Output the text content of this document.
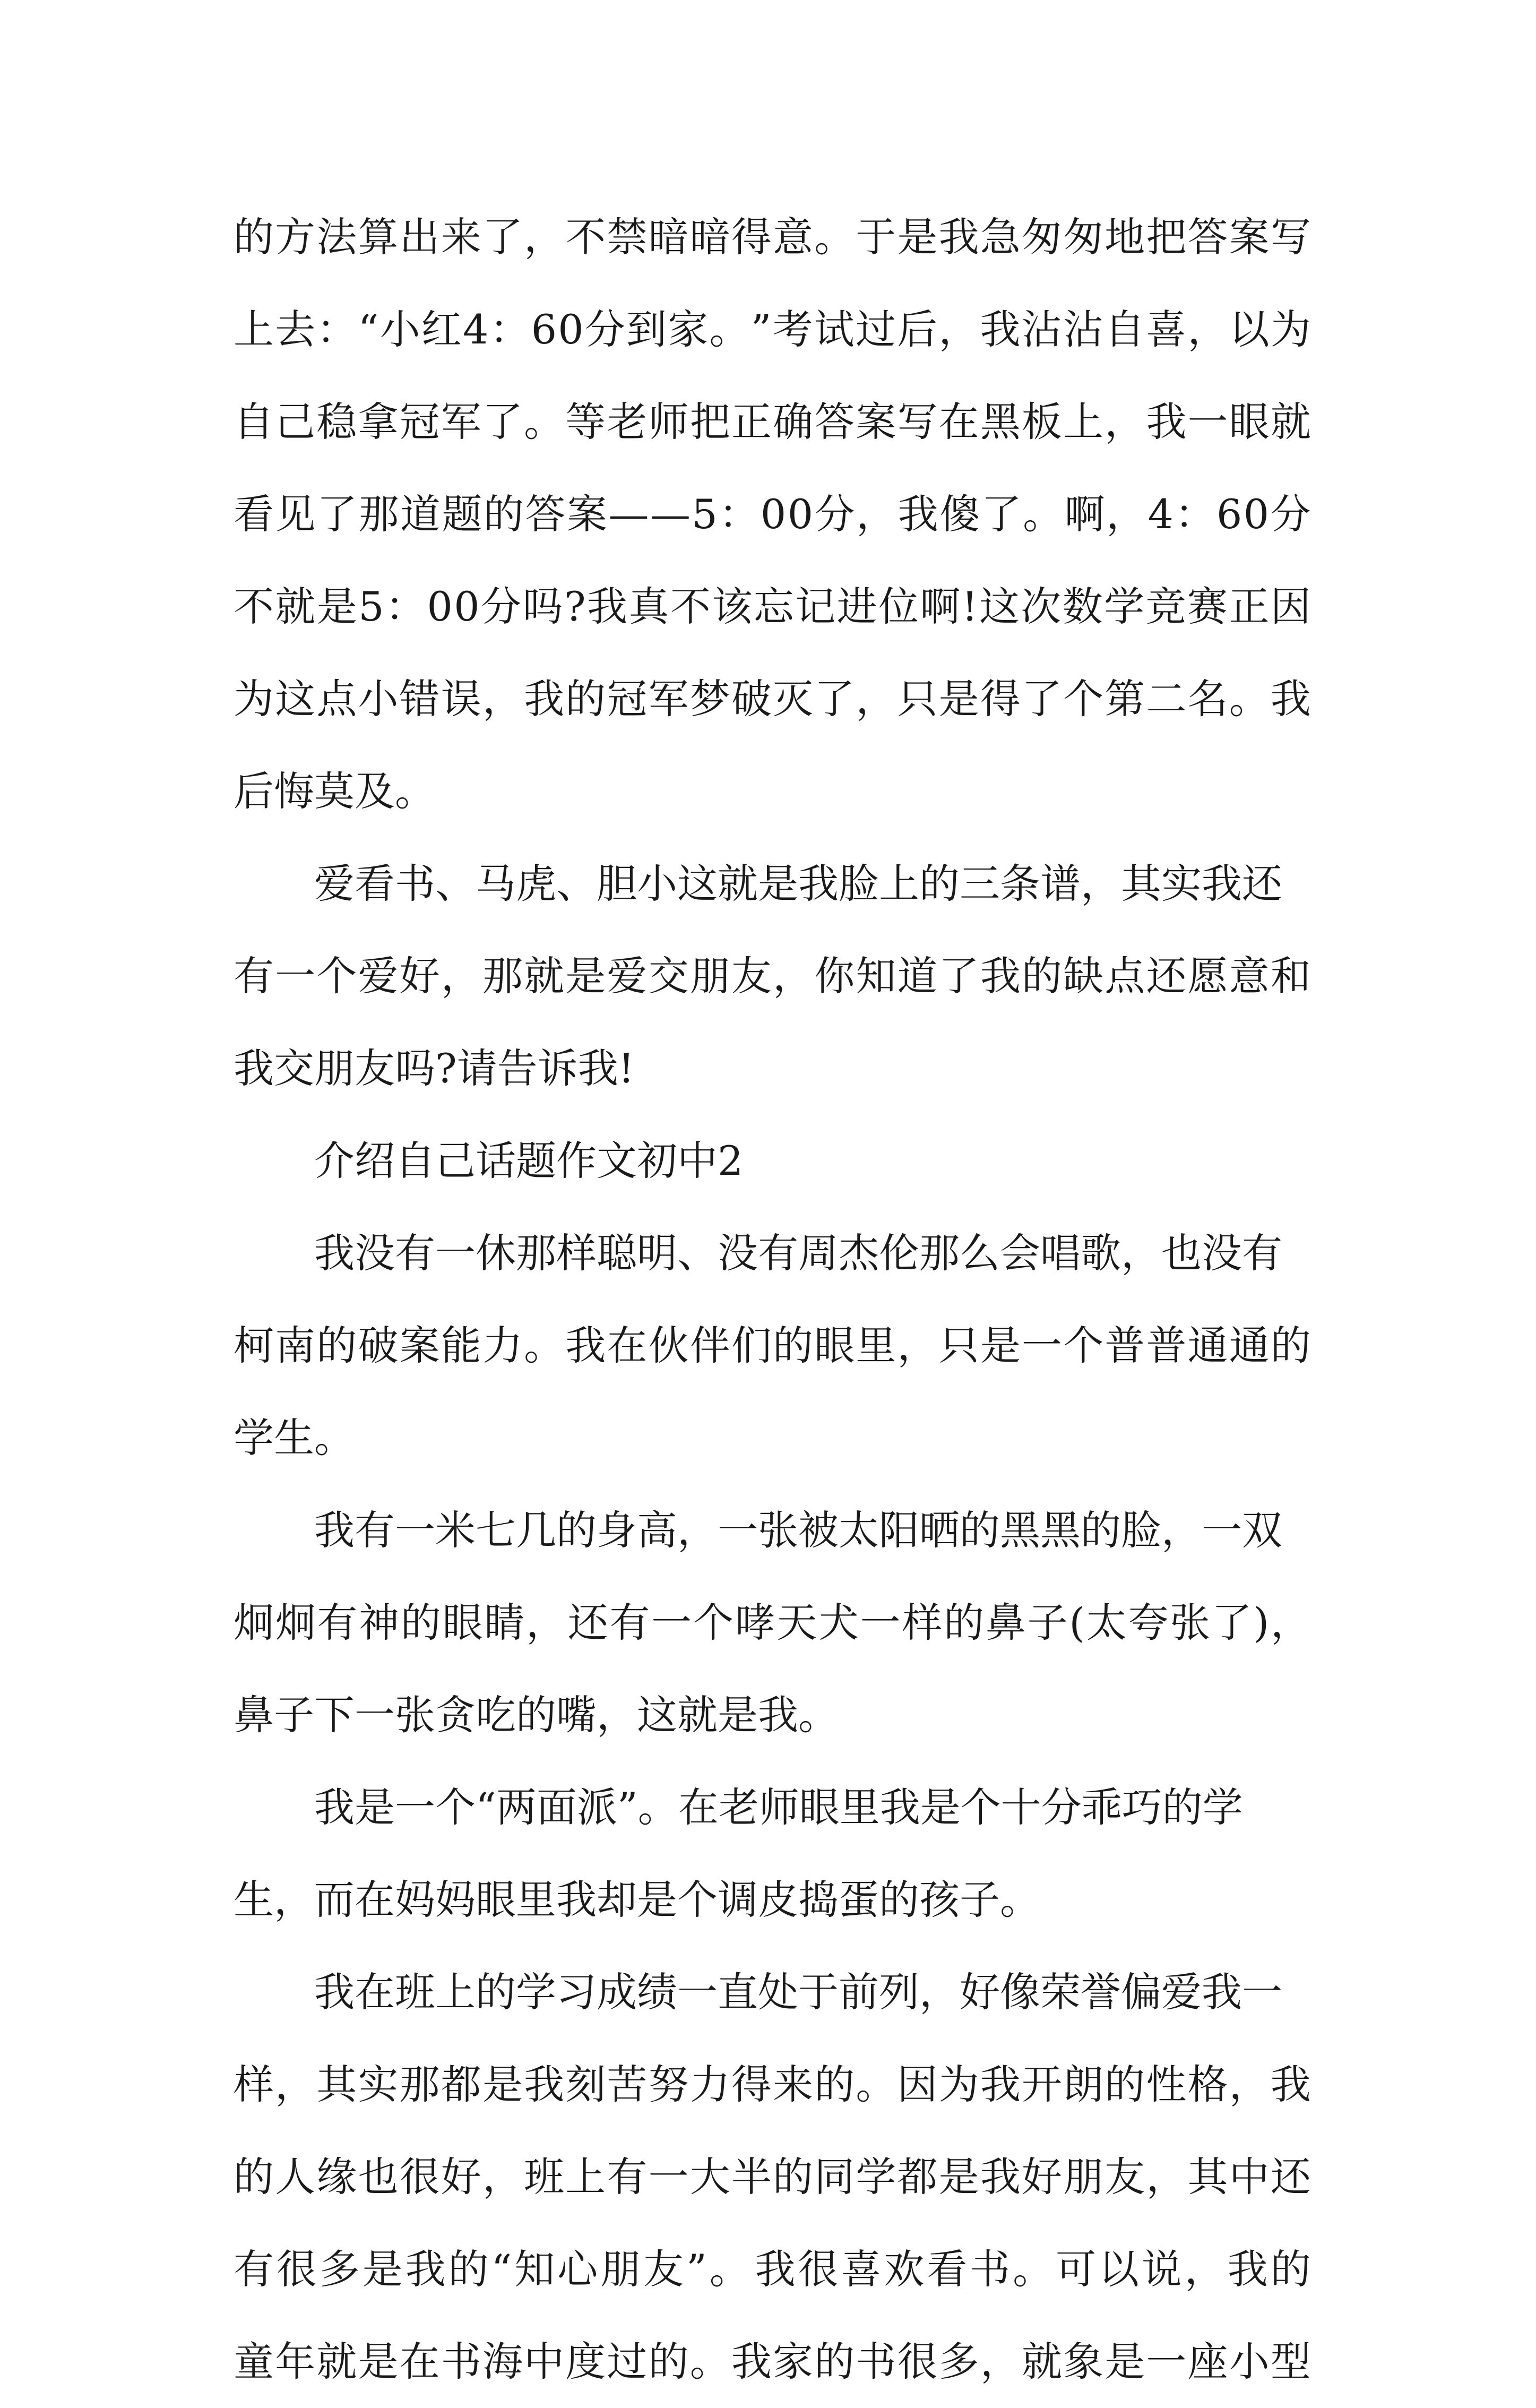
的 方 法 算 出 来 了 ， 不 禁 暗 暗 得 意 。 于 是 我 急 匆 匆 地 把 答 案 写
上 去 ： “ 小 红 4 ： 6 0 分 到 家 。 ” 考 试 过 后 ， 我 沾 沾 自 喜 ， 以 为
自 己 稳 拿 冠 军 了 。 等 老 师 把 正 确 答 案 写 在 黑 板 上 ， 我 一 眼 就
看 见 了 那 道 题 的 答 案 — — 5 ： 0 0 分 ， 我 傻 了 。 啊 ， 4 ： 6 0 分
不 就 是 5 ： 0 0 分 吗 ? 我 真 不 该 忘 记 进 位 啊 ! 这 次 数 学 竞 赛 正 因
为 这 点 小 错 误 ， 我 的 冠 军 梦 破 灭 了 ， 只 是 得 了 个 第 二 名 。 我
后悔莫及。
爱看书、马虎、胆小这就是我脸上的三条谱，其实我还
有 一 个 爱 好 ， 那 就 是 爱 交 朋 友 ， 你 知 道 了 我 的 缺 点 还 愿 意 和
我交朋友吗?请告诉我!
介绍自己话题作文初中2
我没有一休那样聪明、没有周杰伦那么会唱歌，也没有
柯 南 的 破 案 能 力 。 我 在 伙 伴 们 的 眼 里 ， 只 是 一 个 普 普 通 通 的
学生。
我有一米七几的身高，一张被太阳晒的黑黑的脸，一双
炯 炯 有 神 的 眼 睛 ， 还 有 一 个 哮 天 犬 一 样 的 鼻 子 ( 太 夸 张 了 ) ，
鼻子下一张贪吃的嘴，这就是我。
我是一个“两面派”。在老师眼里我是个十分乖巧的学
生，而在妈妈眼里我却是个调皮捣蛋的孩子。
我在班上的学习成绩一直处于前列，好像荣誉偏爱我一
样 ， 其 实 那 都 是 我 刻 苦 努 力 得 来 的 。 因 为 我 开 朗 的 性 格 ， 我
的 人 缘 也 很 好 ， 班 上 有 一 大 半 的 同 学 都 是 我 好 朋 友 ， 其 中 还
有 很 多 是 我 的 “ 知 心 朋 友 ” 。 我 很 喜 欢 看 书 。 可 以 说 ， 我 的
童 年 就 是 在 书 海 中 度 过 的 。 我 家 的 书 很 多 ， 就 象 是 一 座 小 型
